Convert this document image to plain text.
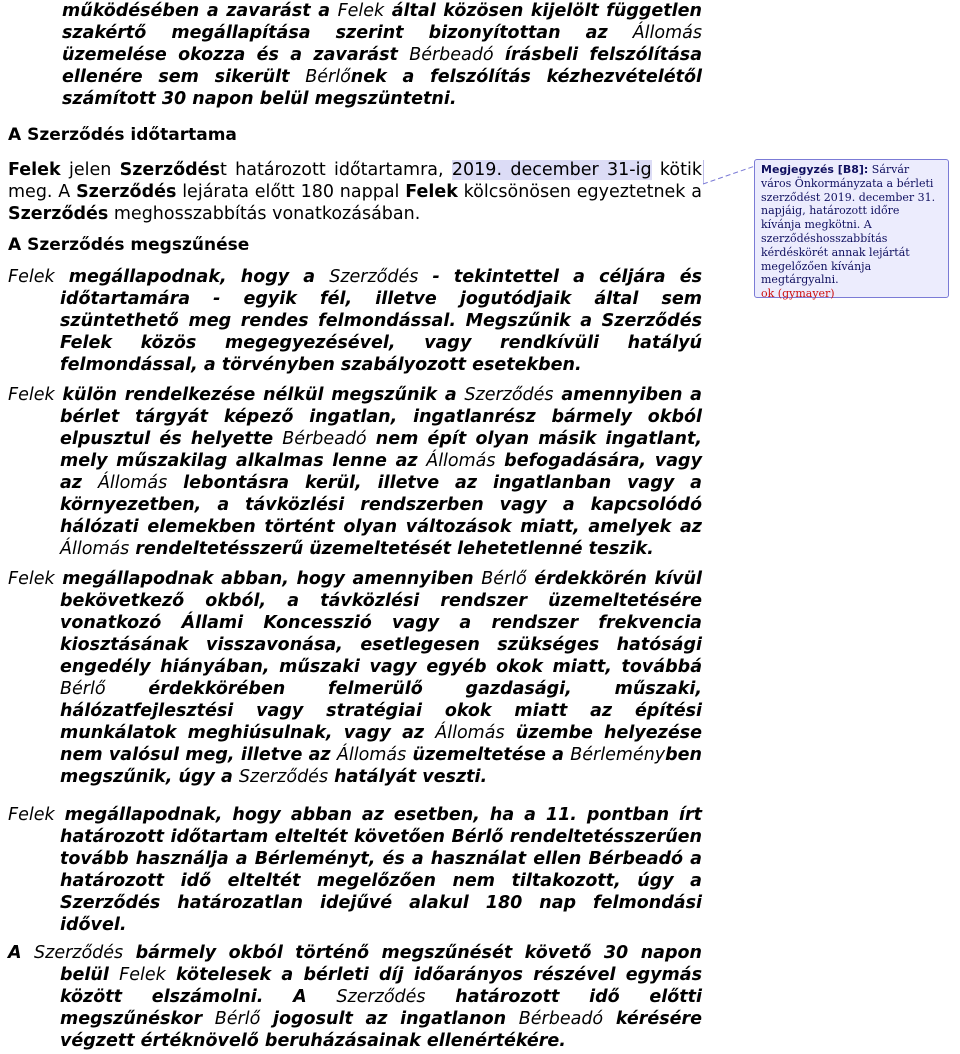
működésében a zavarást a Felek által közösen kijelölt független szakértő megállapítása szerint bizonyítottan az Állomás üzemelése okozza és a zavarást Bérbeadó írásbeli felszólítása ellenére sem sikerült Bérlőnek a felszólítás kézhezvételétől számított 30 napon belül megszüntetni.
A Szerződés időtartama
Felek jelen Szerződést határozott időtartamra, 2019. december 31-ig kötik meg. A Szerződés lejárata előtt 180 nappal Felek kölcsönösen egyeztetnek a Szerződés meghosszabbítás vonatkozásában.
A Szerződés megszűnése
Felek megállapodnak, hogy a Szerződés - tekintettel a céljára és időtartamára - egyik fél, illetve jogutódjaik által sem szüntethető meg rendes felmondással. Megszűnik a Szerződés Felek közös megegyezésével, vagy rendkívüli hatályú felmondással, a törvényben szabályozott esetekben.
Felek külön rendelkezése nélkül megszűnik a Szerződés amennyiben a bérlet tárgyát képező ingatlan, ingatlanrész bármely okból elpusztul és helyette Bérbeadó nem épít olyan másik ingatlant, mely műszakilag alkalmas lenne az Állomás befogadására, vagy az Állomás lebontásra kerül, illetve az ingatlanban vagy a környezetben, a távközlési rendszerben vagy a kapcsolódó hálózati elemekben történt olyan változások miatt, amelyek az Állomás rendeltetésszerű üzemeltetését lehetetlenné teszik.
Felek megállapodnak abban, hogy amennyiben Bérlő érdekkörén kívül bekövetkező okból, a távközlési rendszer üzemeltetésére vonatkozó Állami Koncesszió vagy a rendszer frekvencia kiosztásának visszavonása, esetlegesen szükséges hatósági engedély hiányában, műszaki vagy egyéb okok miatt, továbbá Bérlő érdekkörében felmerülő gazdasági, műszaki, hálózatfejlesztési vagy stratégiai okok miatt az építési munkálatok meghiúsulnak, vagy az Állomás üzembe helyezése nem valósul meg, illetve az Állomás üzemeltetése a Bérleményben megszűnik, úgy a Szerződés hatályát veszti.
Felek megállapodnak, hogy abban az esetben, ha a 11. pontban írt határozott időtartam elteltét követően Bérlő rendeltetésszerűen tovább használja a Bérleményt, és a használat ellen Bérbeadó a határozott idő elteltét megelőzően nem tiltakozott, úgy a Szerződés határozatlan idejűvé alakul 180 nap felmondási idővel.
A Szerződés bármely okból történő megszűnését követő 30 napon belül Felek kötelesek a bérleti díj időarányos részével egymás között elszámolni. A Szerződés határozott idő előtti megszűnéskor Bérlő jogosult az ingatlanon Bérbeadó kérésére végzett értéknövelő beruházásainak ellenértékére.
Megjegyzés [B8]: Sárvár város Önkormányzata a bérleti szerződést 2019. december 31. napjáig, határozott időre kívánja megkötni. A szerződéshosszabbítás kérdéskörét annak lejártát megelőzően kívánja megtárgyalni.
ok (gymayer)
